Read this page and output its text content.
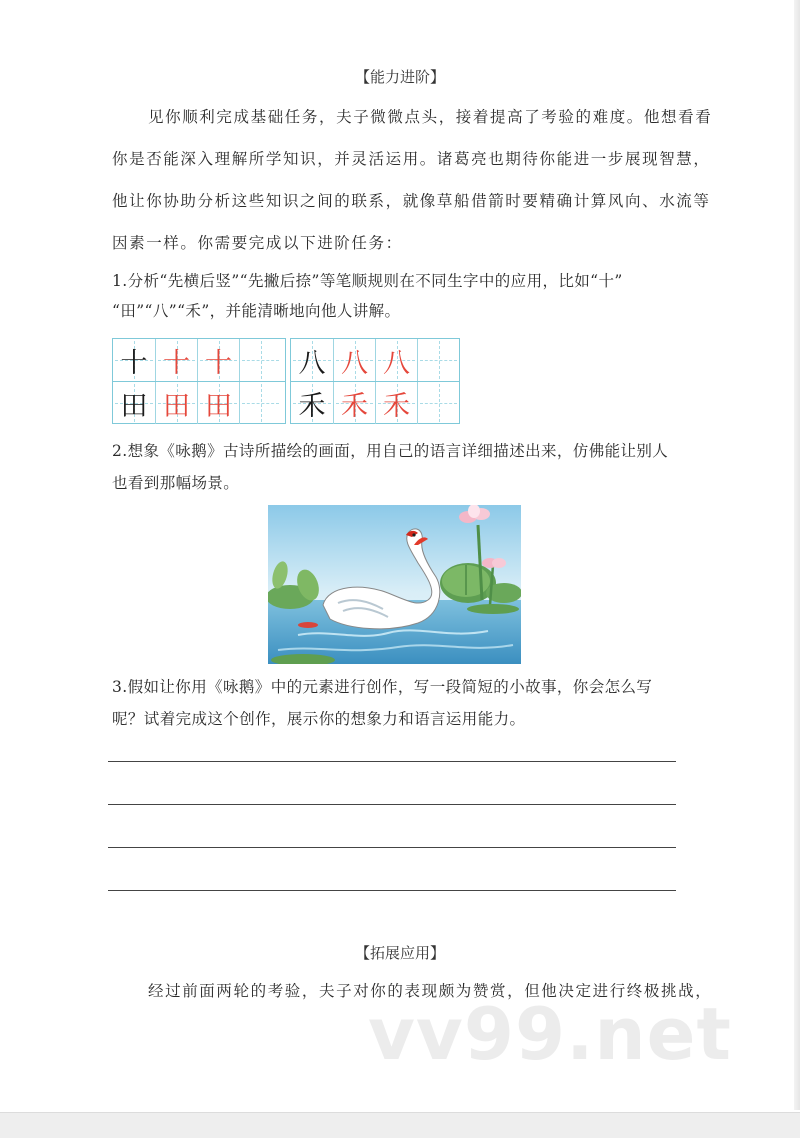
【能力进阶】
见你顺利完成基础任务，夫子微微点头，接着提高了考验的难度。他想看看
你是否能深入理解所学知识，并灵活运用。诸葛亮也期待你能进一步展现智慧，
他让你协助分析这些知识之间的联系，就像草船借箭时要精确计算风向、水流等
因素一样。你需要完成以下进阶任务：
1.分析“先横后竖”“先撇后捺”等笔顺规则在不同生字中的应用，比如“十”
“田”“八”“禾”，并能清晰地向他人讲解。
十 十 十
田 田 田
八 八 八
禾 禾 禾
2.想象《咏鹅》古诗所描绘的画面，用自己的语言详细描述出来，仿佛能让别人
也看到那幅场景。
3.假如让你用《咏鹅》中的元素进行创作，写一段简短的小故事，你会怎么写
呢？试着完成这个创作，展示你的想象力和语言运用能力。
【拓展应用】
经过前面两轮的考验，夫子对你的表现颇为赞赏，但他决定进行终极挑战，
vv99.net
